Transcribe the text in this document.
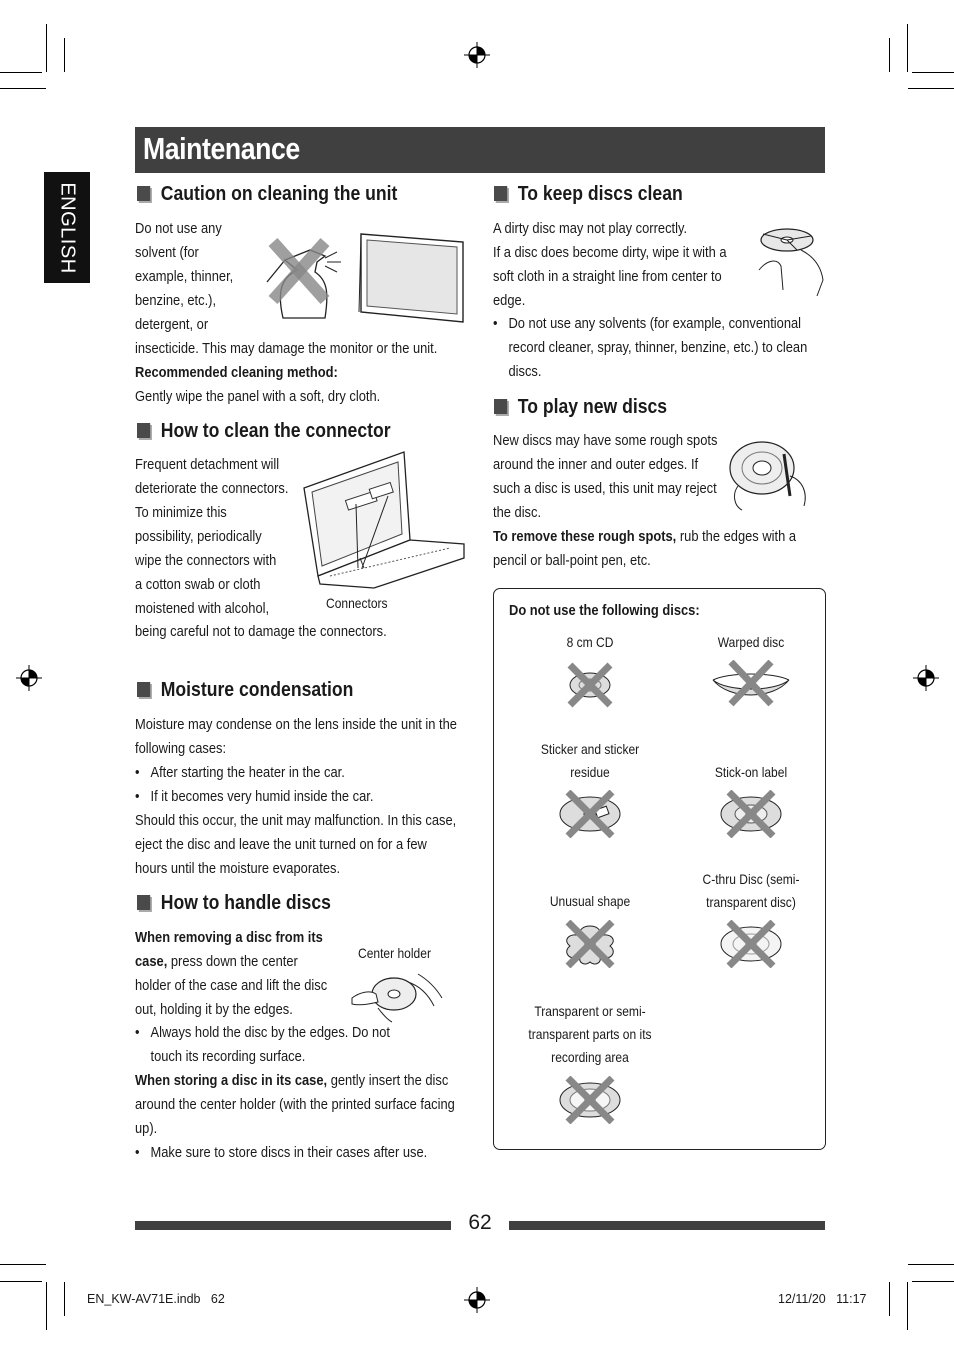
Maintenance
ENGLISH	Caution on cleaning the unit
Do not use any
solvent (for
example, thinner,
benzine, etc.),
detergent, or
insecticide. This may damage the monitor or the unit.
Recommended cleaning method:
Gently wipe the panel with a soft, dry cloth.
How to clean the connector
Frequent detachment will
deteriorate the connectors.
To minimize this
possibility, periodically
wipe the connectors with
a cotton swab or cloth
moistened with alcohol,
being careful not to damage the connectors.
Connectors
Moisture condensation
Moisture may condense on the lens inside the unit in the following cases:
• After starting the heater in the car.
• If it becomes very humid inside the car.
Should this occur, the unit may malfunction. In this case, eject the disc and leave the unit turned on for a few hours until the moisture evaporates.
How to handle discs
When removing a disc from its case, press down the center holder of the case and lift the disc out, holding it by the edges.
• Always hold the disc by the edges. Do not touch its recording surface.
When storing a disc in its case, gently insert the disc around the center holder (with the printed surface facing up).
• Make sure to store discs in their cases after use.
Center holder
To keep discs clean
A dirty disc may not play correctly.
If a disc does become dirty, wipe it with a
soft cloth in a straight line from center to
edge.
• Do not use any solvents (for example, conventional record cleaner, spray, thinner, benzine, etc.) to clean discs.
To play new discs
New discs may have some rough spots
around the inner and outer edges. If
such a disc is used, this unit may reject
the disc.
To remove these rough spots, rub the edges with a pencil or ball-point pen, etc.
Do not use the following discs:
8 cm CD	Warped disc
Sticker and sticker
residue	Stick-on label
Unusual shape
C-thru Disc (semi-
transparent disc)
Transparent or semi-
transparent parts on its
recording area
62
EN_KW-AV71E.indb   62	12/11/20   11:17
